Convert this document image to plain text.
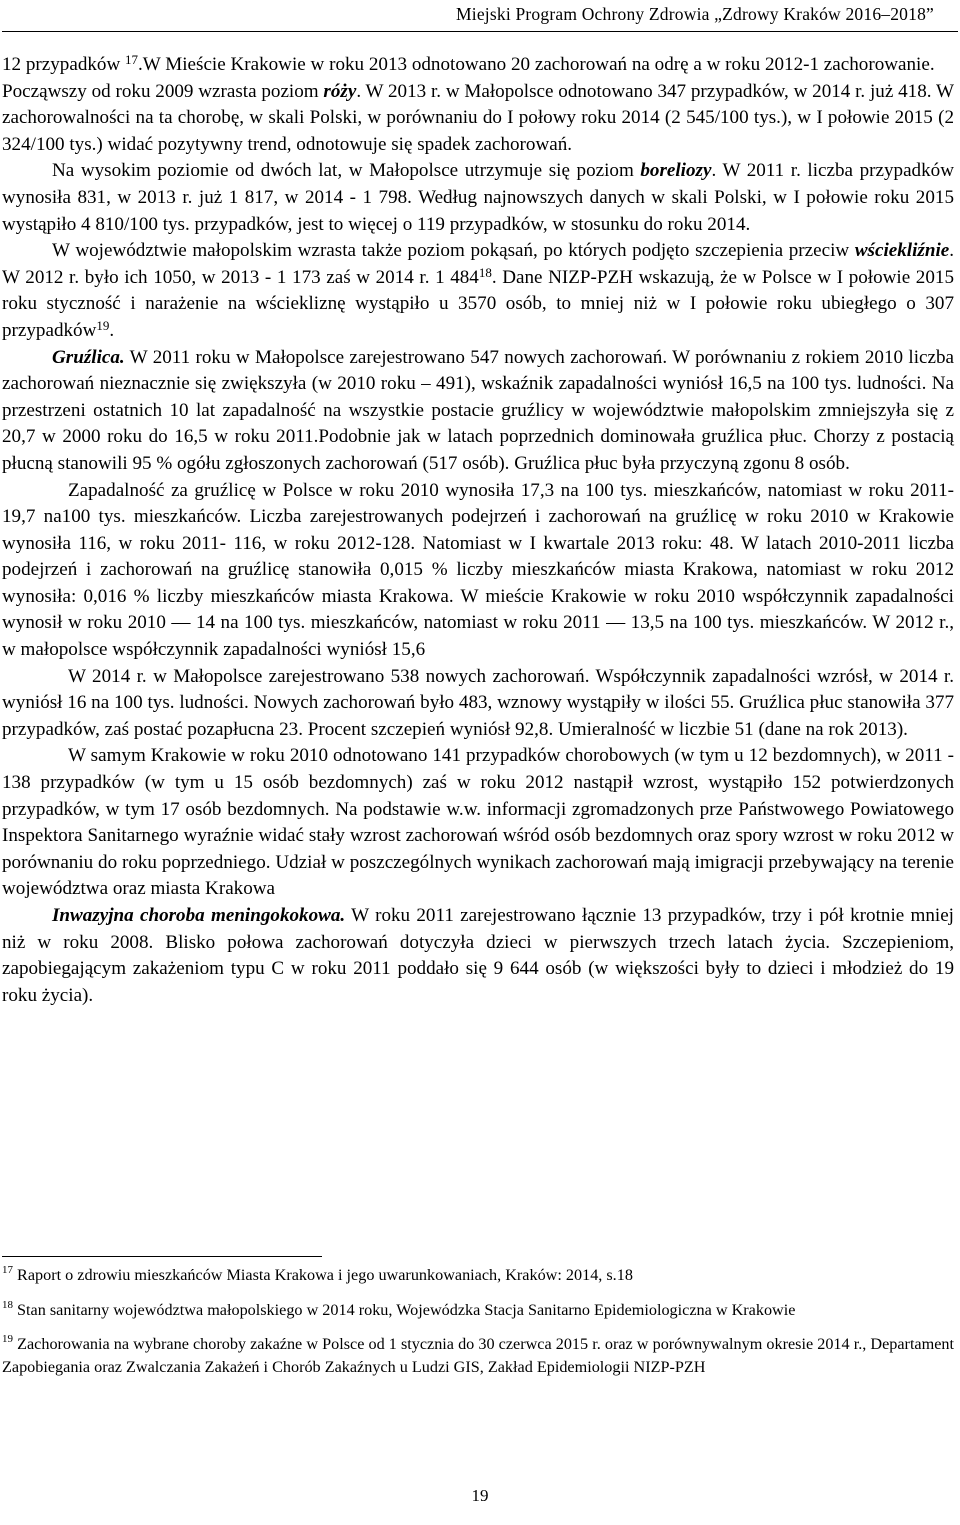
Miejski Program Ochrony Zdrowia „Zdrowy Kraków 2016–2018”

12 przypadków $^{17}$.W Mieście Krakowie w roku 2013 odnotowano 20 zachorowań na odrę a w roku 2012-1 zachorowanie.

Począwszy od roku 2009 wzrasta poziom róży. W 2013 r. w Małopolsce odnotowano 347 przypadków, w 2014 r. już 418. W zachorowalności na ta chorobę, w skali Polski, w porównaniu do I połowy roku 2014 (2 545/100 tys.), w I połowie 2015 (2 324/100 tys.) widać pozytywny trend, odnotowuje się spadek zachorowań.

Na wysokim poziomie od dwóch lat, w Małopolsce utrzymuje się poziom boreliozy. W 2011 r. liczba przypadków wynosiła 831, w 2013 r. już 1 817, w 2014 - 1 798. Według najnowszych danych w skali Polski, w I połowie roku 2015 wystąpiło 4 810/100 tys. przypadków, jest to więcej o 119 przypadków, w stosunku do roku 2014.

W województwie małopolskim wzrasta także poziom pokąsań, po których podjęto szczepienia przeciw wściekliźnie. W 2012 r. było ich 1050, w 2013 - 1 173 zaś w 2014 r. 1 $484^{18}$. Dane NIZP-PZH wskazują, że w Polsce w I połowie 2015 roku styczność i narażenie na wściekliznę wystąpiło u 3570 osób, to mniej niż w I połowie roku ubiegłego o 307 przypadków$^{19}$.

Gruźlica. W 2011 roku w Małopolsce zarejestrowano 547 nowych zachorowań. W porównaniu z rokiem 2010 liczba zachorowań nieznacznie się zwiększyła (w 2010 roku – 491), wskaźnik zapadalności wyniósł 16,5 na 100 tys. ludności. Na przestrzeni ostatnich 10 lat zapadalność na wszystkie postacie gruźlicy w województwie małopolskim zmniejszyła się z 20,7 w 2000 roku do 16,5 w roku 2011.Podobnie jak w latach poprzednich dominowała gruźlica płuc. Chorzy z postacią płucną stanowili 95 % ogółu zgłoszonych zachorowań (517 osób). Gruźlica płuc była przyczyną zgonu 8 osób.

Zapadalność za gruźlicę w Polsce w roku 2010 wynosiła 17,3 na 100 tys. mieszkańców, natomiast w roku 2011-19,7 na100 tys. mieszkańców. Liczba zarejestrowanych podejrzeń i zachorowań na gruźlicę w roku 2010 w Krakowie wynosiła 116, w roku 2011- 116, w roku 2012-128. Natomiast w I kwartale 2013 roku: 48. W latach 2010-2011 liczba podejrzeń i zachorowań na gruźlicę stanowiła 0,015 % liczby mieszkańców miasta Krakowa, natomiast w roku 2012 wynosiła: 0,016 % liczby mieszkańców miasta Krakowa. W mieście Krakowie w roku 2010 współczynnik zapadalności wynosił w roku 2010 — 14 na 100 tys. mieszkańców, natomiast w roku 2011 — 13,5 na 100 tys. mieszkańców. W 2012 r., w małopolsce współczynnik zapadalności wyniósł 15,6

W 2014 r. w Małopolsce zarejestrowano 538 nowych zachorowań. Współczynnik zapadalności wzrósł, w 2014 r. wyniósł 16 na 100 tys. ludności. Nowych zachorowań było 483, wznowy wystąpiły w ilości 55. Gruźlica płuc stanowiła 377 przypadków, zaś postać pozapłucna 23. Procent szczepień wyniósł 92,8. Umieralność w liczbie 51 (dane na rok 2013).

W samym Krakowie w roku 2010 odnotowano 141 przypadków chorobowych (w tym u 12 bezdomnych), w 2011 - 138 przypadków (w tym u 15 osób bezdomnych) zaś w roku 2012 nastąpił wzrost, wystąpiło 152 potwierdzonych przypadków, w tym 17 osób bezdomnych. Na podstawie w.w. informacji zgromadzonych prze Państwowego Powiatowego Inspektora Sanitarnego wyraźnie widać stały wzrost zachorowań wśród osób bezdomnych oraz spory wzrost w roku 2012 w porównaniu do roku poprzedniego. Udział w poszczególnych wynikach zachorowań mają imigracji przebywający na terenie województwa oraz miasta Krakowa

Inwazyjna choroba meningokokowa. W roku 2011 zarejestrowano łącznie 13 przypadków, trzy i pół krotnie mniej niż w roku 2008. Blisko połowa zachorowań dotyczyła dzieci w pierwszych trzech latach życia. Szczepieniom, zapobiegającym zakażeniom typu C w roku 2011 poddało się 9 644 osób (w większości były to dzieci i młodzież do 19 roku życia).

$^{17}$ Raport o zdrowiu mieszkańców Miasta Krakowa i jego uwarunkowaniach, Kraków: 2014, s.18

$^{18}$ Stan sanitarny województwa małopolskiego w 2014 roku, Wojewódzka Stacja Sanitarno Epidemiologiczna w Krakowie

$^{19}$ Zachorowania na wybrane choroby zakaźne w Polsce od 1 stycznia do 30 czerwca 2015 r. oraz w porównywalnym okresie 2014 r., Departament Zapobiegania oraz Zwalczania Zakażeń i Chorób Zakaźnych u Ludzi GIS, Zakład Epidemiologii NIZP-PZH

19
